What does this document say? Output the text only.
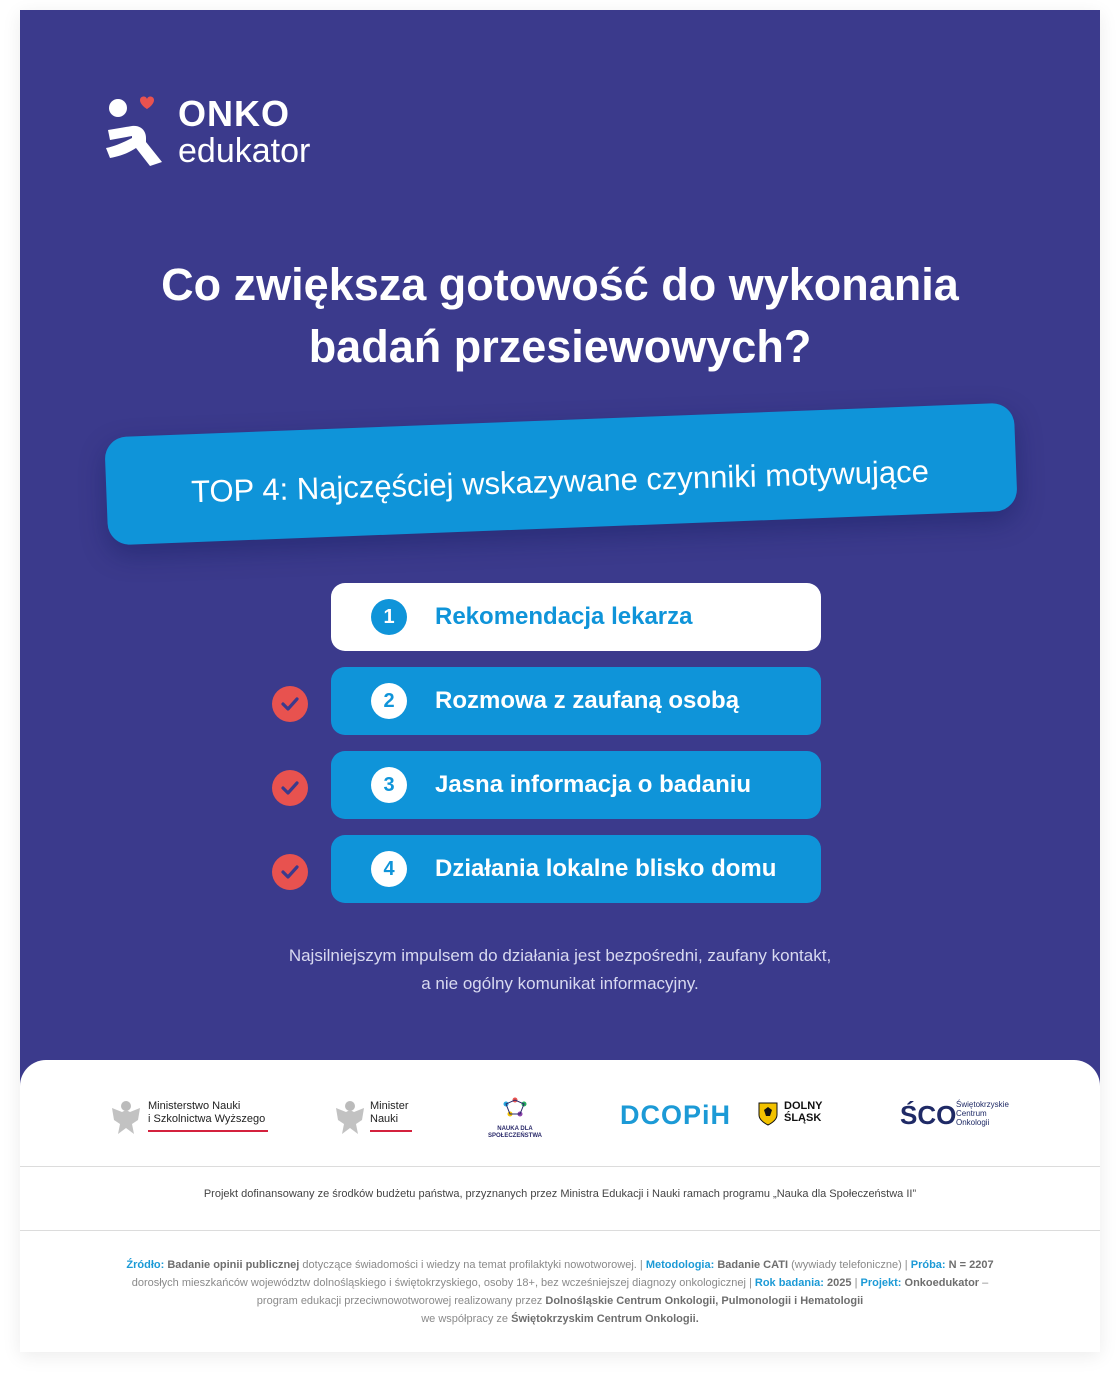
ONKO
edukator
Co zwiększa gotowość do wykonania
badań przesiewowych?
TOP 4: Najczęściej wskazywane czynniki motywujące
1	Rekomendacja lekarza
2	Rozmowa z zaufaną osobą
3	Jasna informacja o badaniu
4	Działania lokalne blisko domu
Najsilniejszym impulsem do działania jest bezpośredni, zaufany kontakt,
a nie ogólny komunikat informacyjny.
Ministerstwo Nauki
i Szkolnictwa Wyższego
Minister
Nauki
NAUKA DLA
SPOŁECZEŃSTWA
DCOPiH	DOLNY
ŚLĄSK	ŚCO Świętokrzyskie
Centrum
Onkologii
Projekt dofinansowany ze środków budżetu państwa, przyznanych przez Ministra Edukacji i Nauki ramach programu „Nauka dla Społeczeństwa II”
Źródło: Badanie opinii publicznej dotyczące świadomości i wiedzy na temat profilaktyki nowotworowej. | Metodologia: Badanie CATI (wywiady telefoniczne) | Próba: N = 2207
dorosłych mieszkańców województw dolnośląskiego i świętokrzyskiego, osoby 18+, bez wcześniejszej diagnozy onkologicznej | Rok badania: 2025 | Projekt: Onkoedukator –
program edukacji przeciwnowotworowej realizowany przez Dolnośląskie Centrum Onkologii, Pulmonologii i Hematologii
we współpracy ze Świętokrzyskim Centrum Onkologii.
